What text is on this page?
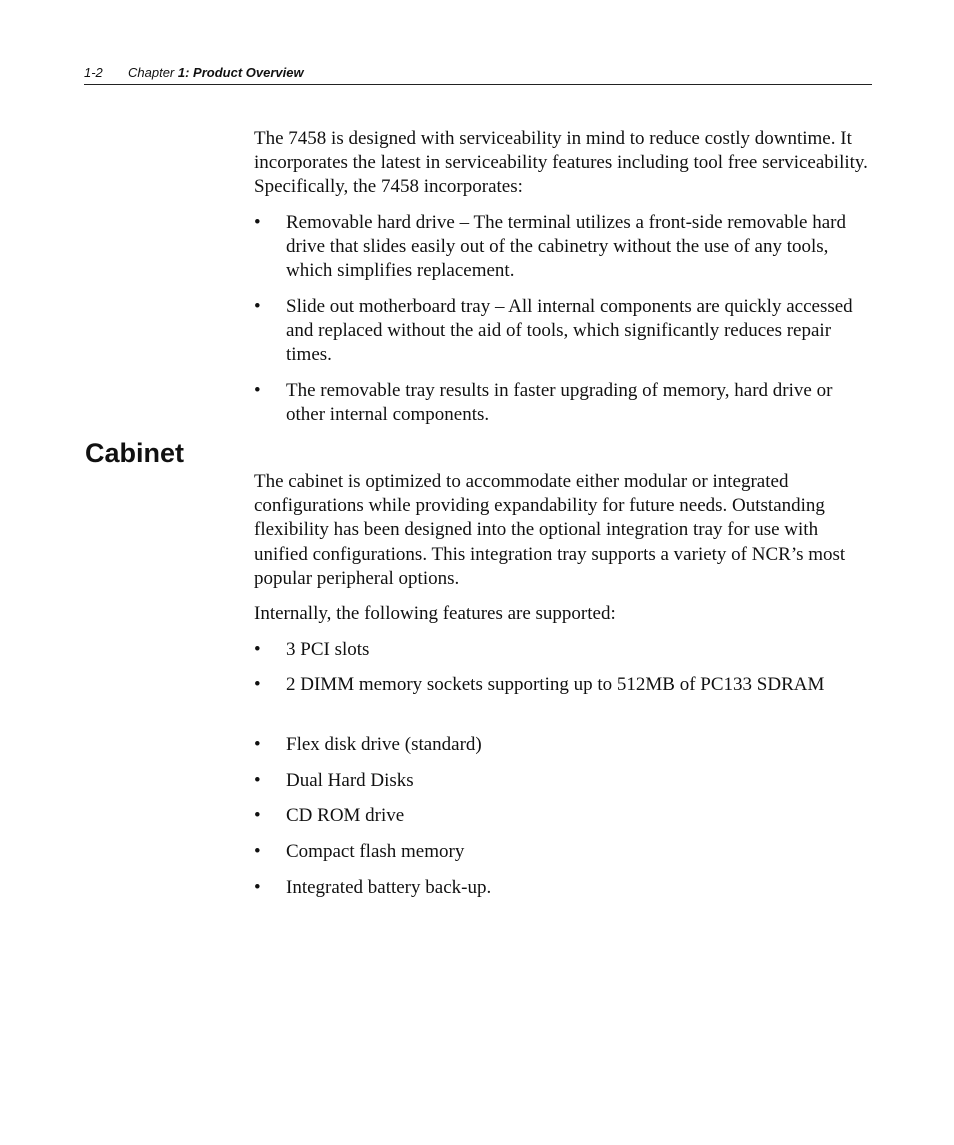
1-2 Chapter 1: Product Overview

The 7458 is designed with serviceability in mind to reduce costly downtime. It incorporates the latest in serviceability features including tool free serviceability. Specifically, the 7458 incorporates:

•	Removable hard drive – The terminal utilizes a front-side removable hard drive that slides easily out of the cabinetry without the use of any tools, which simplifies replacement.
•	Slide out motherboard tray – All internal components are quickly accessed and replaced without the aid of tools, which significantly reduces repair times.
•	The removable tray results in faster upgrading of memory, hard drive or other internal components.
Cabinet

The cabinet is optimized to accommodate either modular or integrated configurations while providing expandability for future needs. Outstanding flexibility has been designed into the optional integration tray for use with unified configurations. This integration tray supports a variety of NCR’s most popular peripheral options.

Internally, the following features are supported:

•	3 PCI slots
•	2 DIMM memory sockets supporting up to 512MB of PC133 SDRAM
•	Flex disk drive (standard)
•	Dual Hard Disks
•	CD ROM drive
•	Compact flash memory
•	Integrated battery back-up.
